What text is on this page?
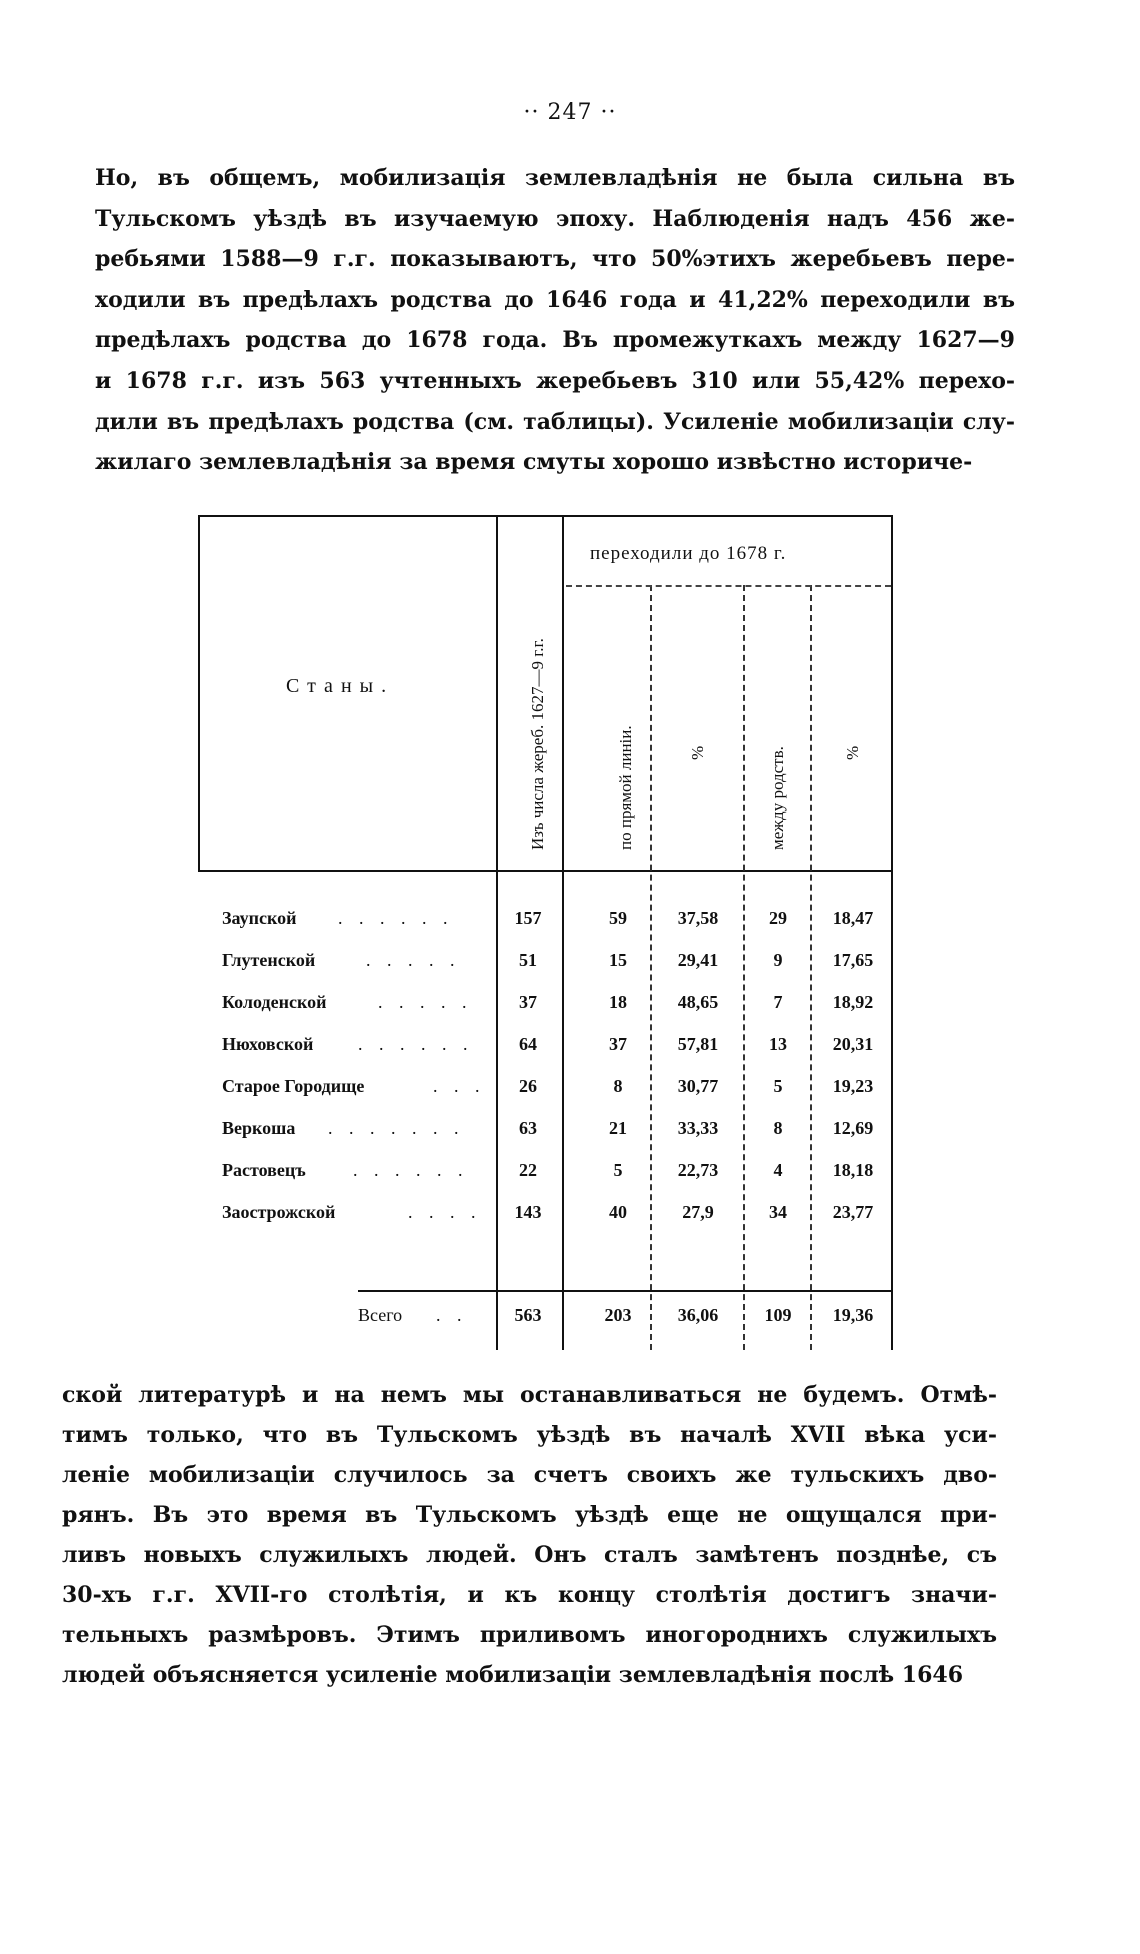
·· 247 ··
Но, въ общемъ, мобилизація землевладѣнія не была сильна въ
Тульскомъ уѣздѣ въ изучаемую эпоху. Наблюденія надъ 456 же-
ребьями 1588—9 г.г. показываютъ, что 50%этихъ жеребьевъ пере-
ходили въ предѣлахъ родства до 1646 года и 41,22% переходили въ
предѣлахъ родства до 1678 года. Въ промежуткахъ между 1627—9
и 1678 г.г. изъ 563 учтенныхъ жеребьевъ 310 или 55,42% перехо-
дили въ предѣлахъ родства (см. таблицы). Усиленіе мобилизаціи слу-
жилаго землевладѣнія за время смуты хорошо извѣстно историче-
Станы.	Изъ числа жереб. 1627—9 г.г.
переходили до 1678 г.
по прямой линіи.	%	между родств.	%
Заупской . . . . . .	157	59	37,58	29	18,47
Глутенской	. . . . .	51	15	29,41	9	17,65
Колоденской	. . . . .	37	18	48,65	7	18,92
Нюховской . . . . . .	64	37	57,81	13	20,31
Старое Городище	. . .	26	8	30,77	5	19,23
Веркоша . . . . . . .	63	21	33,33	8	12,69
Растовецъ	. . . . . .	22	5	22,73	4	18,18
Заострожской	. . . .	143	40	27,9	34	23,77
Всего . .	563	203	36,06	109	19,36
ской литературѣ и на немъ мы останавливаться не будемъ. Отмѣ-
тимъ только, что въ Тульскомъ уѣздѣ въ началѣ XVII вѣка уси-
леніе мобилизаціи случилось за счетъ своихъ же тульскихъ дво-
рянъ. Въ это время въ Тульскомъ уѣздѣ еще не ощущался при-
ливъ новыхъ служилыхъ людей. Онъ сталъ замѣтенъ позднѣе, съ
30-хъ г.г. XVII-го столѣтія, и къ концу столѣтія достигъ значи-
тельныхъ размѣровъ. Этимъ приливомъ иногороднихъ служилыхъ
людей объясняется усиленіе мобилизаціи землевладѣнія послѣ 1646
